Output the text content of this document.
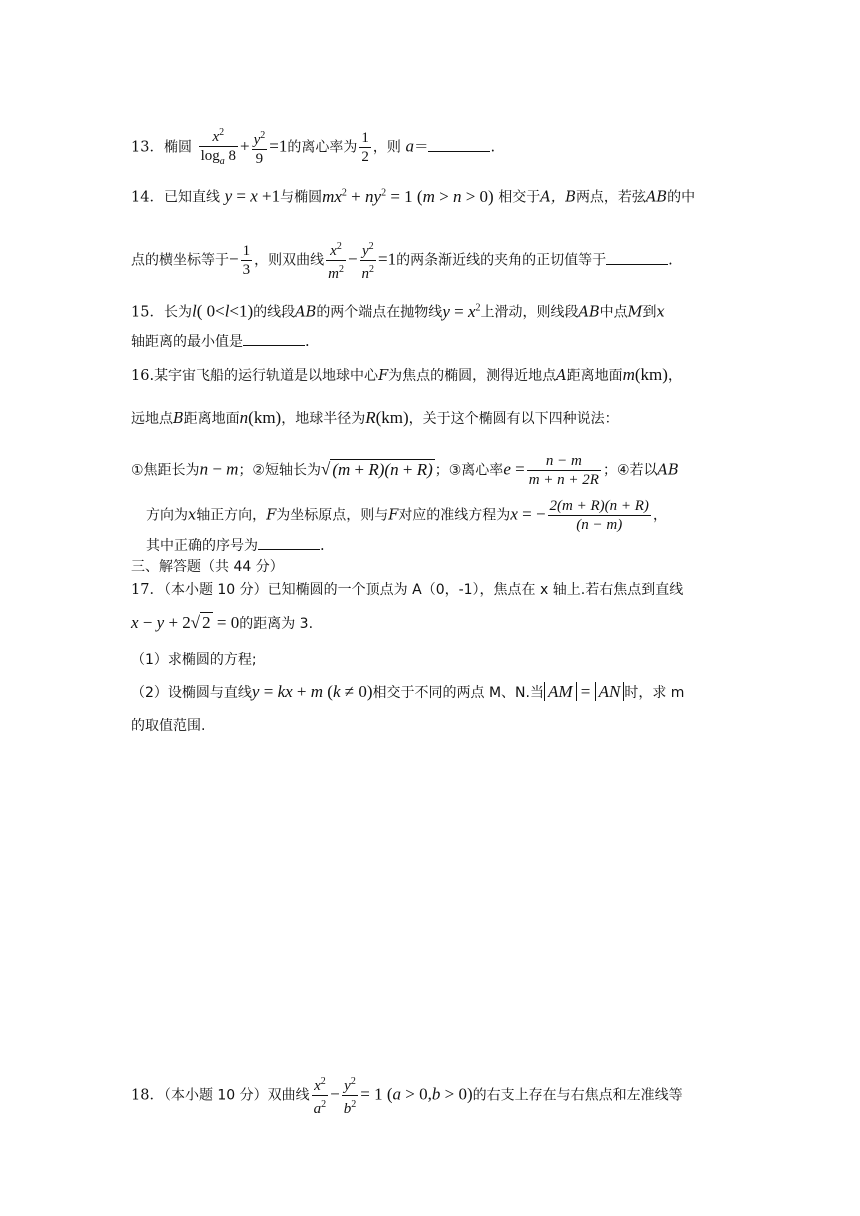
13．椭圆 $\frac{x^2}{\log_a 8} + \frac{y^2}{9} =1$的离心率为 $\frac{1}{2}$ ，则 a＝	.
14．已知直线 y = x +1与椭圆$mx^2 + ny^2 = 1$ (m > n > 0) 相交于A，B两点，若弦AB的中
点的横坐标等于− $\frac{1}{3}$ ，则双曲线 $\frac{x^2}{m^2} - \frac{y^2}{n^2} =1$的两条渐近线的夹角的正切值等于	.
15．长为l( 0<l<1)的线段AB的两个端点在抛物线$y = x^2$上滑动，则线段AB中点M到x
轴距离的最小值是	.
16.某宇宙飞船的运行轨道是以地球中心F为焦点的椭圆，测得近地点A距离地面m(km)，
远地点B距离地面n(km)，地球半径为R(km)，关于这个椭圆有以下四种说法：
①焦距长为n − m；②短轴长为√ (m + R)(n + R) ；③离心率$e = \frac{n - m}{m + n + 2R}$ ；④若以AB
方向为x轴正方向，F为坐标原点，则与F对应的准线方程为x = − $\frac{2(m + R)(n + R)}{(n - m)}$ ，
其中正确的序号为	.
三、解答题（共 44 分）
17．（本小题 10 分）已知椭圆的一个顶点为 A（0，-1），焦点在 x 轴上.若右焦点到直线
x − y + 2√ 2 = 0的距离为 3.
（1）求椭圆的方程;
（2）设椭圆与直线y = kx + m (k ≠ 0)相交于不同的两点 M、N.当 AM = AN 时，求 m
的取值范围.
18．（本小题 10 分）双曲线 $\frac{x^2}{a^2} - \frac{y^2}{b^2} = 1$ (a > 0,b > 0)的右支上存在与右焦点和左准线等
